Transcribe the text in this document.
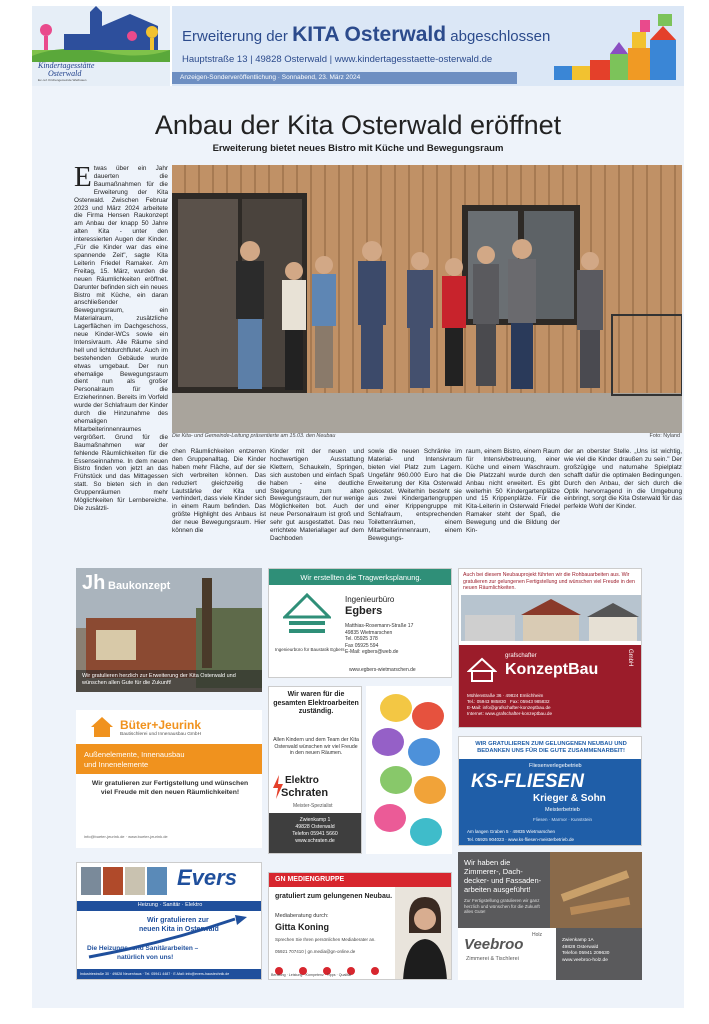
Kindertagesstätte
Osterwald
Ev.-ref. Kirchengemeinde Wielhusen
Erweiterung der KITA Osterwald abgeschlossen
Hauptstraße 13 | 49828 Osterwald | www.kindertagesstaette-osterwald.de
Anzeigen-Sonderveröffentlichung · Sonnabend, 23. März 2024
Anbau der Kita Osterwald eröffnet
Erweiterung bietet neues Bistro mit Küche und Bewegungsraum
Etwas über ein Jahr dauerten die Baumaßnahmen für die Erweiterung der Kita Osterwald. Zwischen Februar 2023 und März 2024 arbeitete die Firma Hensen Raukonzept am Anbau der knapp 50 Jahre alten Kita - unter den interessierten Augen der Kinder. „Für die Kinder war das eine spannende Zeit", sagte Kita Leiterin Friedel Ramaker. Am Freitag, 15. März, wurden die neuen Räumlichkeiten eröffnet. Darunter befinden sich ein neues Bistro mit Küche, ein daran anschließender Bewegungsraum, ein Materialraum, zusätzliche Lagerflächen im Dachgeschoss, neue Kinder-WCs sowie ein Intensivraum. Alle Räume sind hell und lichtdurchflutet. Auch im bestehenden Gebäude wurde etwas umgebaut. Der nun ehemalige Bewegungsraum dient nun als großer Personalraum für die Erzieherinnen. Bereits im Vorfeld wurde der Schlafraum der Kinder durch die Hinzunahme des ehemaligen Mitarbeiterinnenraumes vergrößert. Grund für die Baumaßnahmen war der fehlende Räumlichkeiten für die Essenseinnahme. In dem neuen Bistro finden von jetzt an das Frühstück und das Mittagessen statt. So bieten sich in den Gruppenräumen mehr Möglichkeiten für Lernbereiche. Die zusätzli-
Die Kita- und Gemeinde-Leitung präsentierte am 15.03. den Neubau	Foto: Nyland
chen Räumlichkeiten entzerren den Gruppenalltag. Die Kinder haben mehr Fläche, auf der sie sich verbreiten können. Das reduziert gleichzeitig die Lautstärke der Kita und verhindert, dass viele Kinder sich in einem Raum befinden. Das größte Highlight des Anbaus ist der neue Bewegungsraum. Hier können die
Kinder mit der neuen und hochwertigen Ausstattung Klettern, Schaukeln, Springen, sich austoben und einfach Spaß haben - eine deutliche Steigerung zum alten Bewegungsraum, der nur wenige Möglichkeiten bot. Auch der neue Personalraum ist groß und sehr gut ausgestattet. Das neu errichtete Materiallager auf dem Dachboden
sowie die neuen Schränke im Material- und Intensivraum bieten viel Platz zum Lagern. Ungefähr 960.000 Euro hat die Erweiterung der Kita Osterwald gekostet. Weiterhin besteht sie aus zwei Kindergartengruppen und einer Krippengruppe mit Schlafraum, entsprechenden Toilettenräumen, einem Mitarbeiterinnenraum, einem Bewegungs-
raum, einem Bistro, einem Raum für Intensivbetreuung, einer Küche und einem Waschraum. Die Platzzahl wurde durch den Anbau nicht erweitert. Es gibt weiterhin 50 Kindergartenplätze und 15 Krippenplätze. Für die Kita-Leiterin in Osterwald Friedel Ramaker steht der Spaß, die Bewegung und die Bildung der Kin-
der an oberster Stelle. „Uns ist wichtig, wie viel die Kinder draußen zu sein." Der großzügige und naturnahe Spielplatz schafft dafür die optimalen Bedingungen. Durch den Anbau, der sich durch die Optik hervorragend in die Umgebung einbringt, sorgt die Kita Osterwald für das perfekte Wohl der Kinder.
Jh Baukonzept
Wir gratulieren herzlich zur Erweiterung der Kita Osterwald und wünschen allen Gute für die Zukunft!
Wir erstellten die Tragwerksplanung.
Ingenieurbüro
Egbers
Ingenieurbüro für Baustatik Egbers
Matthias-Rosemann-Straße 17
49835 Wietmarschen
Tel. 05925 378
Fax 05925 594
E-Mail: egbers@web.de
www.egbers-wietmarschen.de
Auch bei diesem Neubauprojekt führten wir die Rohbauarbeiten aus. Wir gratulieren zur gelungenen Fertigstellung und wünschen viel Freude in den neuen Räumlichkeiten.
grafschafter
KonzeptBau
GmbH
Mühlenstraße 36 · 49824 Emlichheim
Tel.: 05943 985830 Fax: 05943 985832
E-Mail: info@grafschafter-konzeptbau.de
Internet: www.grafschafter-konzeptbau.de
Büter+Jeurink
Bautischlerei und Innenausbau GmbH
Außenelemente, Innenausbau
und Innenelemente
Wir gratulieren zur Fertigstellung und wünschen viel Freude mit den neuen Räumlichkeiten!
info@bueter-jeurink.de · www.bueter-jeurink.de
Wir waren für die gesamten Elektroarbeiten zuständig.
Allen Kindern und dem Team der Kita Osterwald wünschen wir viel Freude in den neuen Räumen.
Elektro
Schraten
Meister-Spezialist
Zwienkamp 1
49828 Osterwald
Telefon 05941 5660
www.schraten.de
WIR GRATULIEREN ZUM GELUNGENEN NEUBAU UND BEDANKEN UNS FÜR DIE GUTE ZUSAMMENARBEIT!
Fliesenverlegebetrieb
KS-FLIESEN
Krieger & Sohn
Meisterbetrieb
Fliesen · Marmor · Kunststein
Am langen Graben 5 · 49835 Wietmarschen
Tel. 05925 904023 · www.ks-fliesen-meisterbetrieb.de
Evers
Heizung · Sanitär · Elektro
Wir gratulieren zur
neuen Kita in Osterwald
Die Heizungs- und Sanitärarbeiten –
natürlich von uns!
Industriestraße 30 · 49828 Neuenhaus · Tel. 05941 4487 · E-Mail: info@evers-haustechnik.de
GN MEDIENGRUPPE
gratuliert zum gelungenen Neubau.
Mediaberatung durch:
Gitta Koning
Sprechen Sie Ihren persönlichen Mediaberater an.
05921 707410 | gn.media@gn-online.de
Beratung · Leistung · Kompetenz · Tipps · Qualität
Wir haben die
Zimmerer-, Dach-
decker- und Fassaden-
arbeiten ausgeführt!
Zur Fertigstellung gratulieren wir ganz herzlich und wünschen für die Zukunft alles Gute!
Veebroo
Holz
Zimmerei & Tischlerei
Zwienkamp 1A
49828 Osterwald
Telefon 05941 209630
www.veebroo-holz.de
